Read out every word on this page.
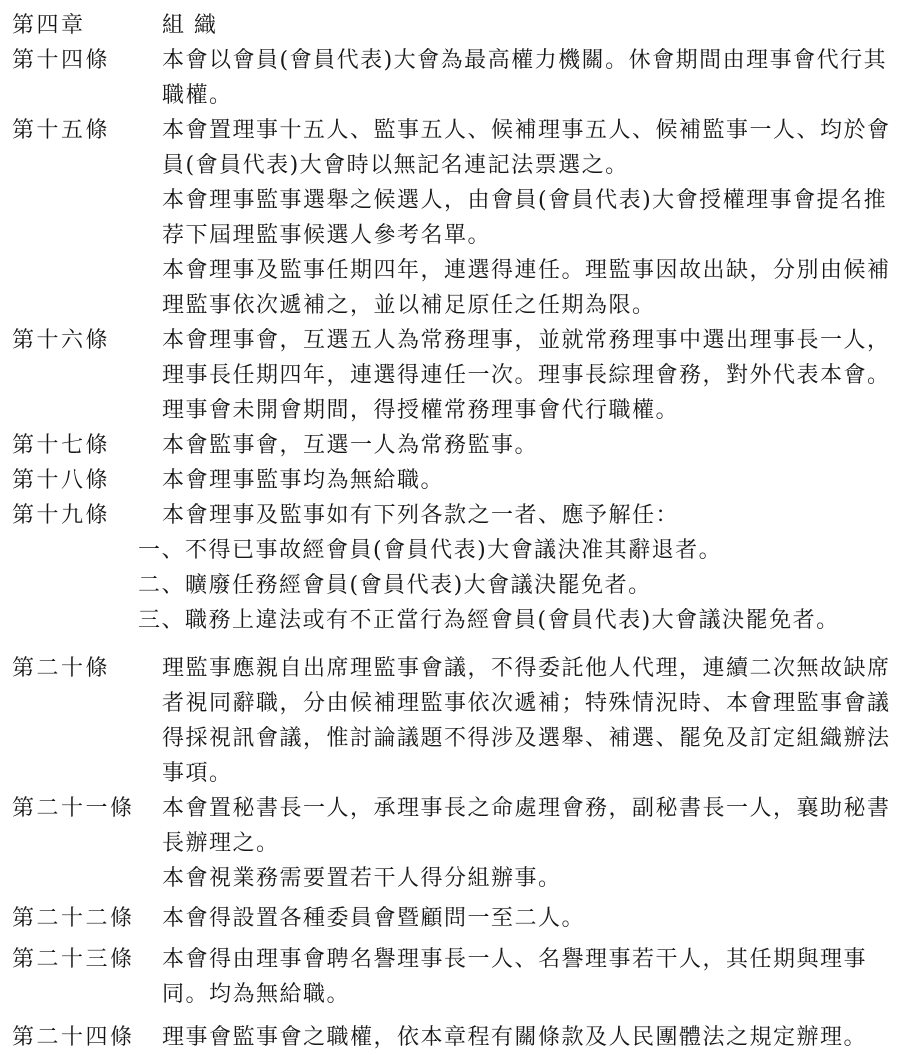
第四章	組 織
第十四條	本會以會員(會員代表)大會為最高權力機關。休會期間由理事會代行其
職權。
第十五條	本會置理事十五人、監事五人、候補理事五人、候補監事一人、均於會
員(會員代表)大會時以無記名連記法票選之。
本會理事監事選舉之候選人，由會員(會員代表)大會授權理事會提名推
荐下屆理監事候選人參考名單。
本會理事及監事任期四年，連選得連任。理監事因故出缺，分別由候補
理監事依次遞補之，並以補足原任之任期為限。
第十六條	本會理事會，互選五人為常務理事，並就常務理事中選出理事長一人，
理事長任期四年，連選得連任一次。理事長綜理會務，對外代表本會。
理事會未開會期間，得授權常務理事會代行職權。
第十七條	本會監事會，互選一人為常務監事。
第十八條	本會理事監事均為無給職。
第十九條	本會理事及監事如有下列各款之一者、應予解任：
一、不得已事故經會員(會員代表)大會議決准其辭退者。
二、曠廢任務經會員(會員代表)大會議決罷免者。
三、職務上違法或有不正當行為經會員(會員代表)大會議決罷免者。
第二十條	理監事應親自出席理監事會議，不得委託他人代理，連續二次無故缺席
者視同辭職，分由候補理監事依次遞補；特殊情況時、本會理監事會議
得採視訊會議，惟討論議題不得涉及選舉、補選、罷免及訂定組織辦法
事項。
第二十一條	本會置秘書長一人，承理事長之命處理會務，副秘書長一人，襄助秘書
長辦理之。
本會視業務需要置若干人得分組辦事。
第二十二條	本會得設置各種委員會暨顧問一至二人。
第二十三條	本會得由理事會聘名譽理事長一人、名譽理事若干人，其任期與理事
同。均為無給職。
第二十四條	理事會監事會之職權，依本章程有關條款及人民團體法之規定辦理。
